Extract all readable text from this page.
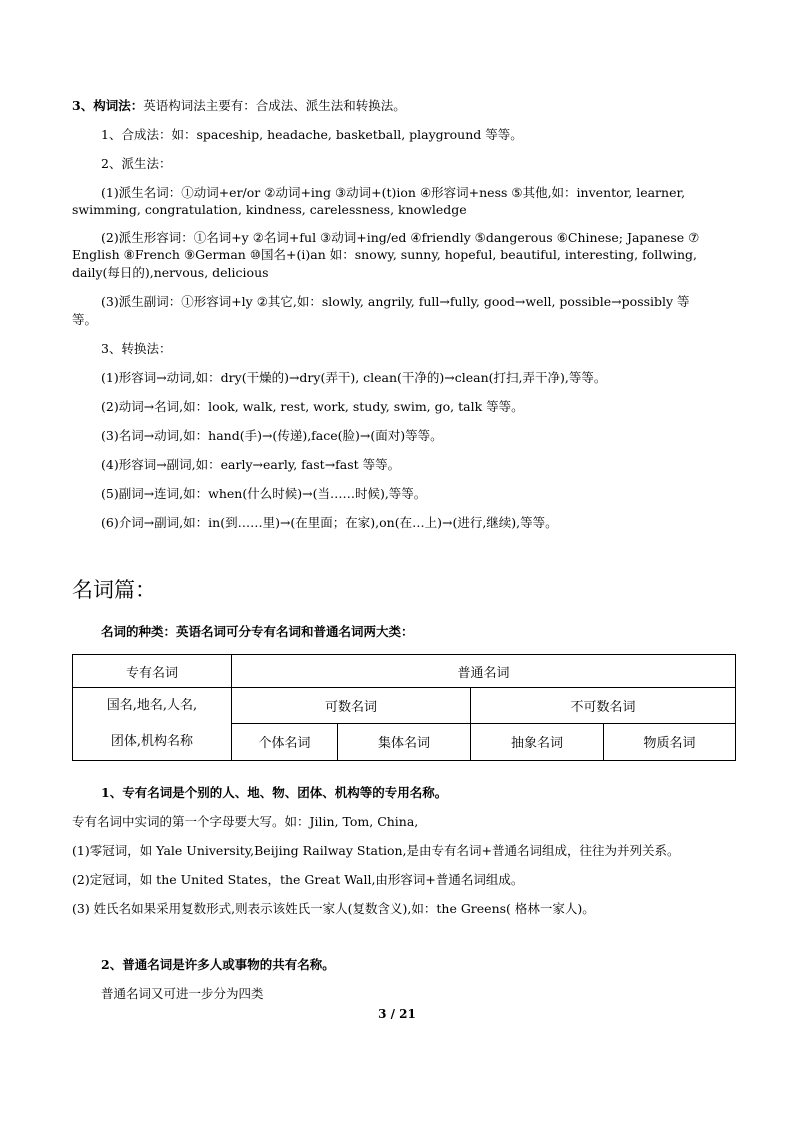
3、构词法：英语构词法主要有：合成法、派生法和转换法。
1、合成法：如：spaceship, headache, basketball, playground 等等。
2、派生法：
(1)派生名词：①动词+er/or ②动词+ing ③动词+(t)ion ④形容词+ness ⑤其他,如：inventor, learner,
swimming, congratulation, kindness, carelessness, knowledge
(2)派生形容词：①名词+y ②名词+ful ③动词+ing/ed ④friendly ⑤dangerous ⑥Chinese; Japanese ⑦
English ⑧French ⑨German ⑩国名+(i)an 如：snowy, sunny, hopeful, beautiful, interesting, follwing,
daily(每日的),nervous, delicious
(3)派生副词：①形容词+ly ②其它,如：slowly, angrily, full→fully, good→well, possible→possibly 等
等。
3、转换法：
(1)形容词→动词,如：dry(干燥的)→dry(弄干), clean(干净的)→clean(打扫,弄干净),等等。
(2)动词→名词,如：look, walk, rest, work, study, swim, go, talk 等等。
(3)名词→动词,如：hand(手)→(传递),face(脸)→(面对)等等。
(4)形容词→副词,如：early→early, fast→fast 等等。
(5)副词→连词,如：when(什么时候)→(当……时候),等等。
(6)介词→副词,如：in(到……里)→(在里面；在家),on(在…上)→(进行,继续),等等。
名词篇：
名词的种类：英语名词可分专有名词和普通名词两大类：
专有名词	普通名词			

国名,地名,人名,
团体,机构名称	可数名词		不可数名词	
	个体名词	集体名词	抽象名词	物质名词
1、专有名词是个别的人、地、物、团体、机构等的专用名称。
专有名词中实词的第一个字母要大写。如：Jilin, Tom, China,
(1)零冠词，如 Yale University,Beijing Railway Station,是由专有名词+普通名词组成，往往为并列关系。
(2)定冠词，如 the United States，the Great Wall,由形容词+普通名词组成。
(3) 姓氏名如果采用复数形式,则表示该姓氏一家人(复数含义),如：the Greens( 格林一家人)。
2、普通名词是许多人或事物的共有名称。
普通名词又可进一步分为四类
3 / 21
